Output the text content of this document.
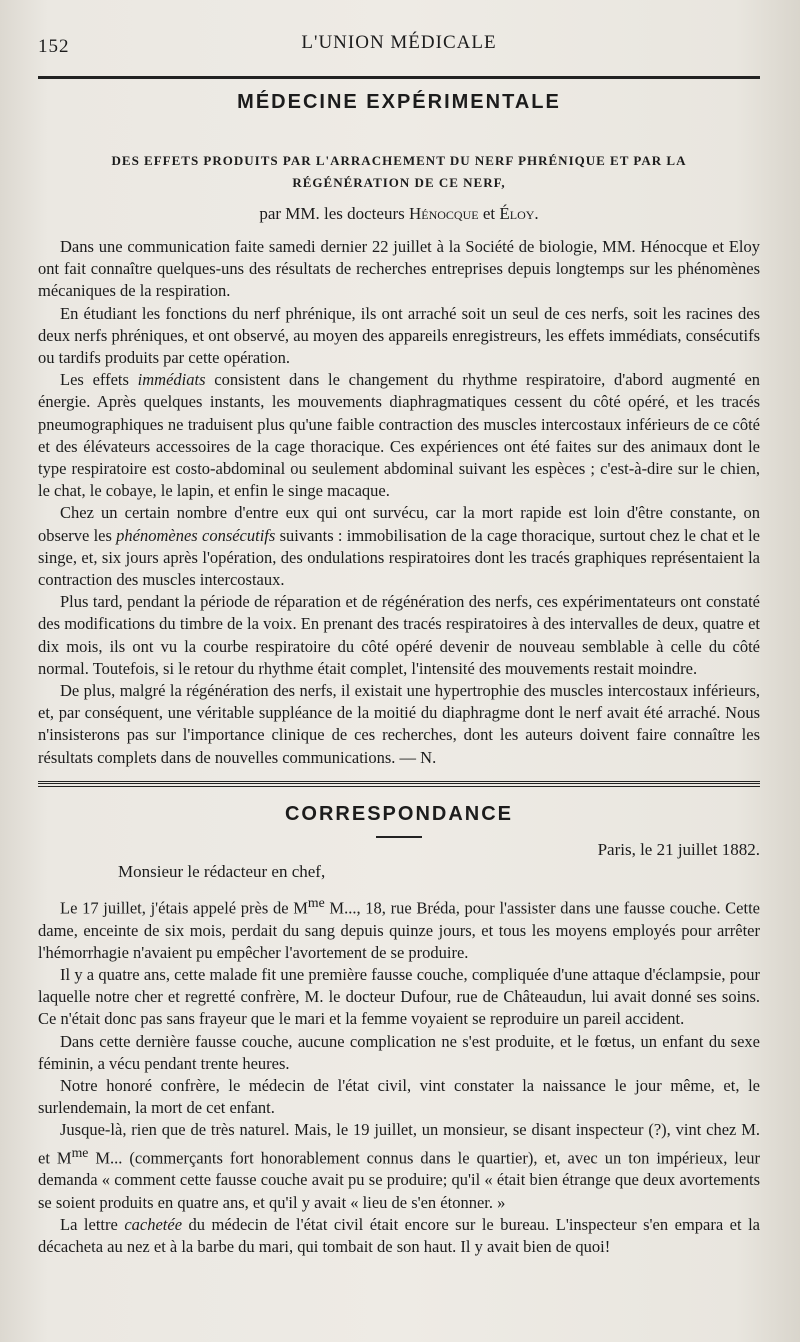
152	L'UNION MÉDICALE
MÉDECINE EXPÉRIMENTALE
DES EFFETS PRODUITS PAR L'ARRACHEMENT DU NERF PHRÉNIQUE ET PAR LA RÉGÉNÉRATION DE CE NERF,
par MM. les docteurs Hénocque et Éloy.

Dans une communication faite samedi dernier 22 juillet à la Société de biologie, MM. Hénocque et Eloy ont fait connaître quelques-uns des résultats de recherches entreprises depuis longtemps sur les phénomènes mécaniques de la respiration.

En étudiant les fonctions du nerf phrénique, ils ont arraché soit un seul de ces nerfs, soit les racines des deux nerfs phréniques, et ont observé, au moyen des appareils enregistreurs, les effets immédiats, consécutifs ou tardifs produits par cette opération.

Les effets immédiats consistent dans le changement du rhythme respiratoire, d'abord augmenté en énergie. Après quelques instants, les mouvements diaphragmatiques cessent du côté opéré, et les tracés pneumographiques ne traduisent plus qu'une faible contraction des muscles intercostaux inférieurs de ce côté et des élévateurs accessoires de la cage thoracique. Ces expériences ont été faites sur des animaux dont le type respiratoire est costo-abdominal ou seulement abdominal suivant les espèces ; c'est-à-dire sur le chien, le chat, le cobaye, le lapin, et enfin le singe macaque.

Chez un certain nombre d'entre eux qui ont survécu, car la mort rapide est loin d'être constante, on observe les phénomènes consécutifs suivants : immobilisation de la cage thoracique, surtout chez le chat et le singe, et, six jours après l'opération, des ondulations respiratoires dont les tracés graphiques représentaient la contraction des muscles intercostaux.

Plus tard, pendant la période de réparation et de régénération des nerfs, ces expérimentateurs ont constaté des modifications du timbre de la voix. En prenant des tracés respiratoires à des intervalles de deux, quatre et dix mois, ils ont vu la courbe respiratoire du côté opéré devenir de nouveau semblable à celle du côté normal. Toutefois, si le retour du rhythme était complet, l'intensité des mouvements restait moindre.

De plus, malgré la régénération des nerfs, il existait une hypertrophie des muscles intercostaux inférieurs, et, par conséquent, une véritable suppléance de la moitié du diaphragme dont le nerf avait été arraché. Nous n'insisterons pas sur l'importance clinique de ces recherches, dont les auteurs doivent faire connaître les résultats complets dans de nouvelles communications. — N.

CORRESPONDANCE
Paris, le 21 juillet 1882.
Monsieur le rédacteur en chef,

Le 17 juillet, j'étais appelé près de $M^{me}$ M..., 18, rue Bréda, pour l'assister dans une fausse couche. Cette dame, enceinte de six mois, perdait du sang depuis quinze jours, et tous les moyens employés pour arrêter l'hémorrhagie n'avaient pu empêcher l'avortement de se produire.

Il y a quatre ans, cette malade fit une première fausse couche, compliquée d'une attaque d'éclampsie, pour laquelle notre cher et regretté confrère, M. le docteur Dufour, rue de Châteaudun, lui avait donné ses soins. Ce n'était donc pas sans frayeur que le mari et la femme voyaient se reproduire un pareil accident.

Dans cette dernière fausse couche, aucune complication ne s'est produite, et le fœtus, un enfant du sexe féminin, a vécu pendant trente heures.

Notre honoré confrère, le médecin de l'état civil, vint constater la naissance le jour même, et, le surlendemain, la mort de cet enfant.

Jusque-là, rien que de très naturel. Mais, le 19 juillet, un monsieur, se disant inspecteur (?), vint chez M. et $M^{me}$ M... (commerçants fort honorablement connus dans le quartier), et, avec un ton impérieux, leur demanda « comment cette fausse couche avait pu se produire; qu'il « était bien étrange que deux avortements se soient produits en quatre ans, et qu'il y avait « lieu de s'en étonner. »

La lettre cachetée du médecin de l'état civil était encore sur le bureau. L'inspecteur s'en empara et la décacheta au nez et à la barbe du mari, qui tombait de son haut. Il y avait bien de quoi!
